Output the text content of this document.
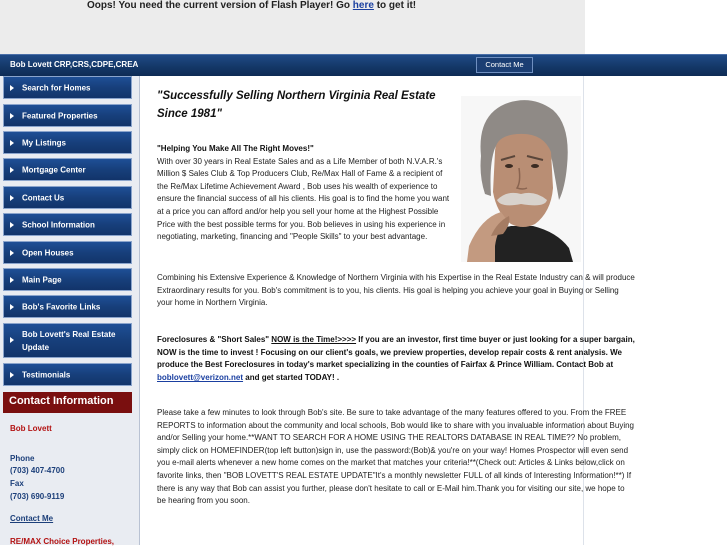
Oops! You need the current version of Flash Player! Go here to get it!
Bob Lovett CRP,CRS,CDPE,CREA	Contact Me
Search for Homes
Featured Properties
My Listings
Mortgage Center
Contact Us
School Information
Open Houses
Main Page
Bob's Favorite Links
Bob Lovett's Real Estate Update
Testimonials
Contact Information
Bob Lovett
Phone
(703) 407-4700
Fax
(703) 690-9119
Contact Me
RE/MAX Choice Properties,
"Successfully Selling Northern Virginia Real Estate
Since 1981"
"Helping You Make All The Right Moves!"
With over 30 years in Real Estate Sales and as a Life Member of both N.V.A.R.'s Million $ Sales Club & Top Producers Club, Re/Max Hall of Fame & a recipient of the Re/Max Lifetime Achievement Award , Bob uses his wealth of experience to ensure the financial success of all his clients. His goal is to find the home you want at a price you can afford and/or help you sell your home at the Highest Possible Price with the best possible terms for you. Bob believes in using his experience in negotiating, marketing, financing and "People Skills" to your best advantage.
Combining his Extensive Experience & Knowledge of Northern Virginia with his Expertise in the Real Estate Industry can & will produce Extraordinary results for you. Bob's commitment is to you, his clients. His goal is helping you achieve your goal in Buying or Selling your home in Northern Virginia.
Foreclosures & "Short Sales" NOW is the Time!>>>> If you are an investor, first time buyer or just looking for a super bargain, NOW is the time to invest ! Focusing on our client's goals, we preview properties, develop repair costs & rent analysis. We produce the Best Foreclosures in today's market specializing in the counties of Fairfax & Prince William. Contact Bob at boblovett@verizon.net and get started TODAY! .
Please take a few minutes to look through Bob's site. Be sure to take advantage of the many features offered to you. From the FREE REPORTS to information about the community and local schools, Bob would like to share with you invaluable information about Buying and/or Selling your home.**WANT TO SEARCH FOR A HOME USING THE REALTORS DATABASE IN REAL TIME?? No problem, simply click on HOMEFINDER(top left button)sign in, use the password:(Bob)& you're on your way! Homes Prospector will even send you e-mail alerts whenever a new home comes on the market that matches your criteria!**(Check out: Articles & Links below,click on favorite links, then "BOB LOVETT'S REAL ESTATE UPDATE"It's a monthly newsletter FULL of all kinds of Interesting Information!**) If there is any way that Bob can assist you further, please don't hesitate to call or E-Mail him.Thank you for visiting our site, we hope to be hearing from you soon.
